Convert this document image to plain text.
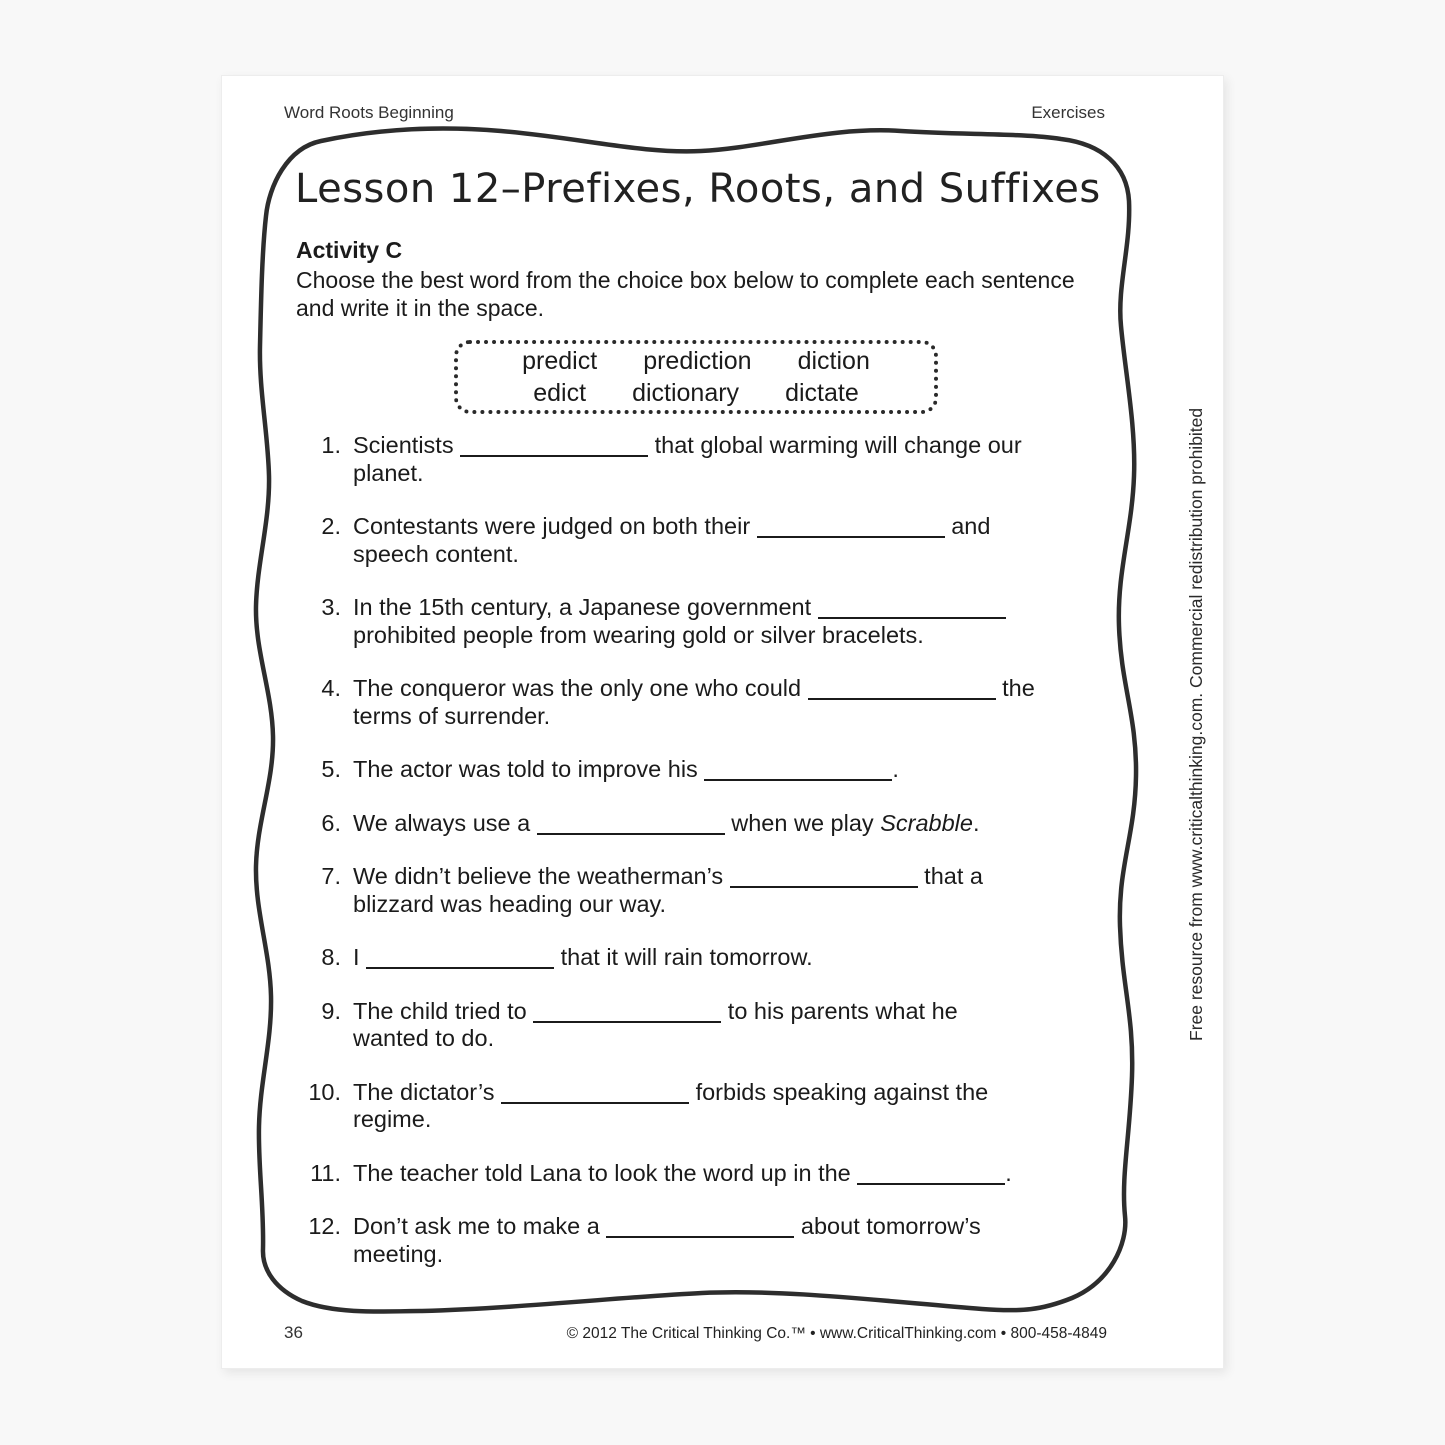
Word Roots Beginning	Exercises
Lesson 12–Prefixes, Roots, and Suffixes
Activity C
Choose the best word from the choice box below to complete each sentence and write it in the space.
predict prediction diction
edict dictionary dictate
1. Scientists	that global warming will change our
planet.
2. Contestants were judged on both their	and
speech content.
3. In the 15th century, a Japanese government
prohibited people from wearing gold or silver bracelets.
4. The conqueror was the only one who could	the
terms of surrender.
5. The actor was told to improve his	.
6. We always use a	when we play Scrabble.
7. We didn’t believe the weatherman’s	that a
blizzard was heading our way.
8. I	that it will rain tomorrow.
9. The child tried to	to his parents what he
wanted to do.
10. The dictator’s	forbids speaking against the
regime.
11. The teacher told Lana to look the word up in the	.
12. Don’t ask me to make a	about tomorrow’s
meeting.
Free resource from www.criticalthinking.com. Commercial redistribution prohibited
36	© 2012 The Critical Thinking Co.™ • www.CriticalThinking.com • 800-458-4849
